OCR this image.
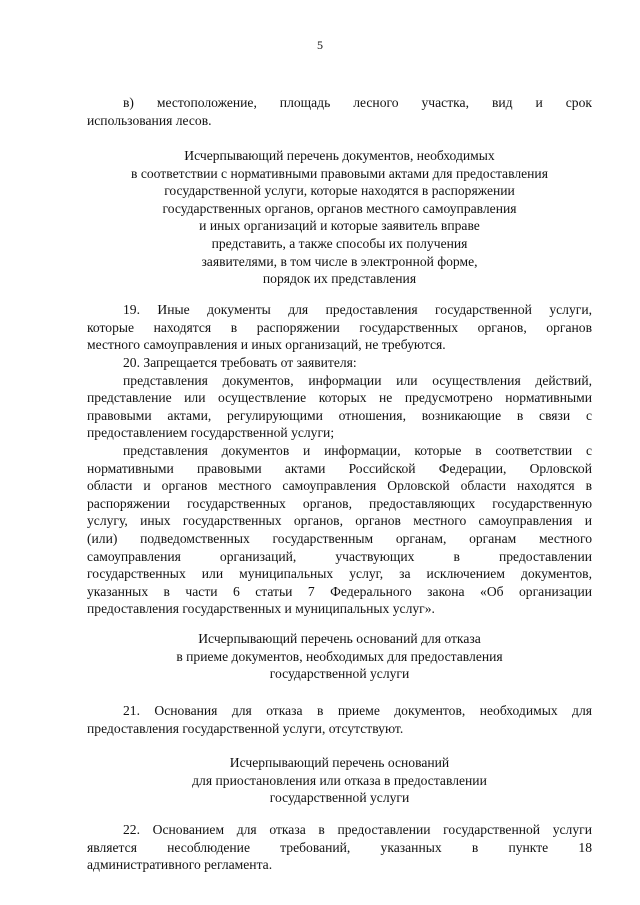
5
в) местоположение, площадь лесного участка, вид и срок
использования лесов.
Исчерпывающий перечень документов, необходимых
в соответствии с нормативными правовыми актами для предоставления
государственной услуги, которые находятся в распоряжении
государственных органов, органов местного самоуправления
и иных организаций и которые заявитель вправе
представить, а также способы их получения
заявителями, в том числе в электронной форме,
порядок их представления
19. Иные документы для предоставления государственной услуги,
которые находятся в распоряжении государственных органов, органов
местного самоуправления и иных организаций, не требуются.
20. Запрещается требовать от заявителя:
представления документов, информации или осуществления действий,
представление или осуществление которых не предусмотрено нормативными
правовыми актами, регулирующими отношения, возникающие в связи с
предоставлением государственной услуги;
представления документов и информации, которые в соответствии с
нормативными правовыми актами Российской Федерации, Орловской
области и органов местного самоуправления Орловской области находятся в
распоряжении государственных органов, предоставляющих государственную
услугу, иных государственных органов, органов местного самоуправления и
(или) подведомственных государственным органам, органам местного
самоуправления организаций, участвующих в предоставлении
государственных или муниципальных услуг, за исключением документов,
указанных в части 6 статьи 7 Федерального закона «Об организации
предоставления государственных и муниципальных услуг».
Исчерпывающий перечень оснований для отказа
в приеме документов, необходимых для предоставления
государственной услуги
21. Основания для отказа в приеме документов, необходимых для
предоставления государственной услуги, отсутствуют.
Исчерпывающий перечень оснований
для приостановления или отказа в предоставлении
государственной услуги
22. Основанием для отказа в предоставлении государственной услуги
является несоблюдение требований, указанных в пункте 18
административного регламента.
